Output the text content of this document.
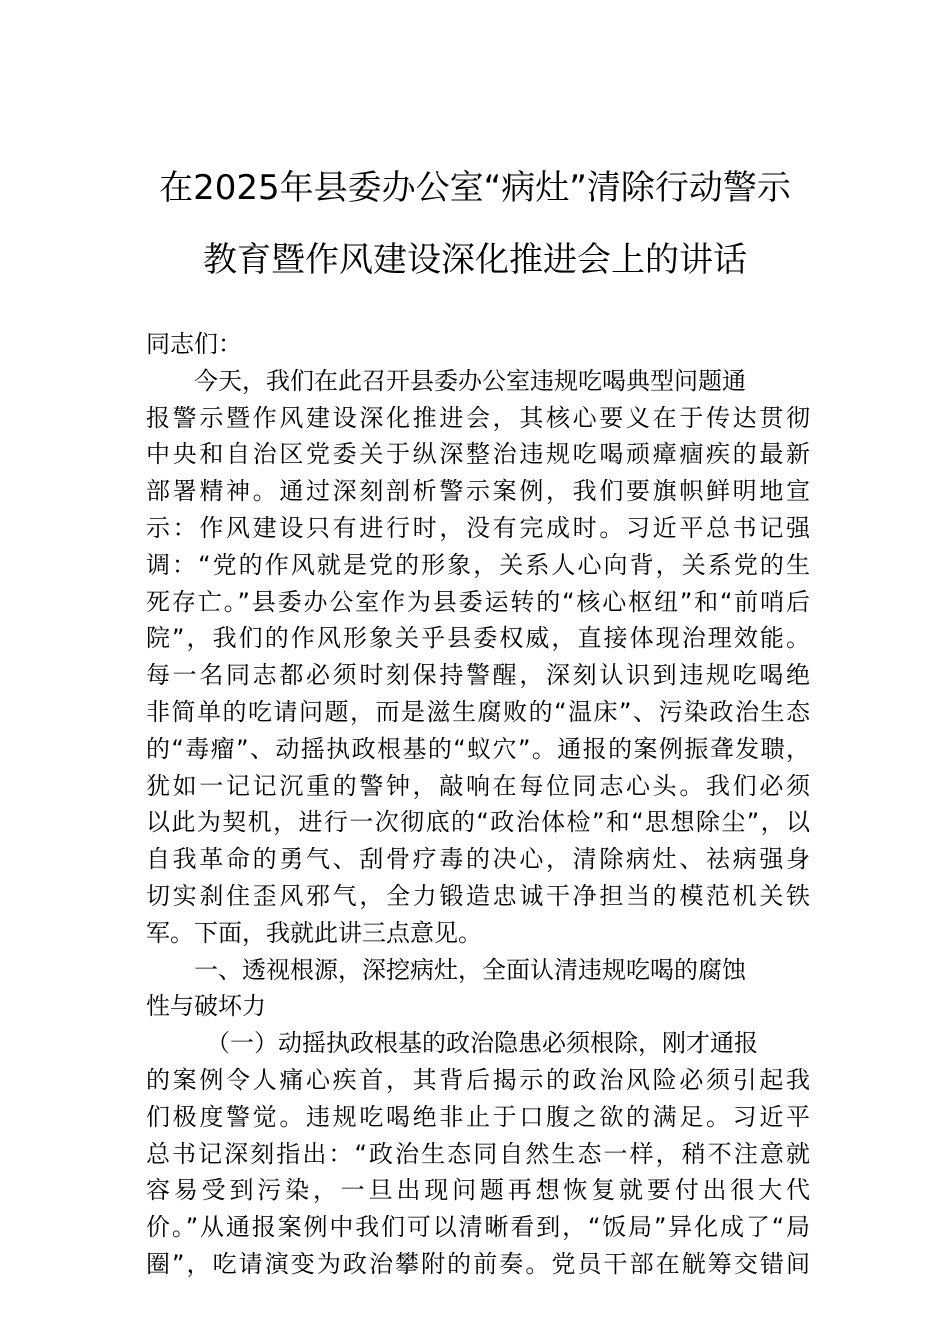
在2025年县委办公室“病灶”清除行动警示
教育暨作风建设深化推进会上的讲话
同志们：
今天，我们在此召开县委办公室违规吃喝典型问题通
报警示暨作风建设深化推进会，其核心要义在于传达贯彻
中央和自治区党委关于纵深整治违规吃喝顽瘴痼疾的最新
部署精神。通过深刻剖析警示案例，我们要旗帜鲜明地宣
示：作风建设只有进行时，没有完成时。习近平总书记强
调：“党的作风就是党的形象，关系人心向背，关系党的生
死存亡。”县委办公室作为县委运转的“核心枢纽”和“前哨后
院”，我们的作风形象关乎县委权威，直接体现治理效能。
每一名同志都必须时刻保持警醒，深刻认识到违规吃喝绝
非简单的吃请问题，而是滋生腐败的“温床”、污染政治生态
的“毒瘤”、动摇执政根基的“蚁穴”。通报的案例振聋发聩，
犹如一记记沉重的警钟，敲响在每位同志心头。我们必须
以此为契机，进行一次彻底的“政治体检”和“思想除尘”，以
自我革命的勇气、刮骨疗毒的决心，清除病灶、祛病强身
切实刹住歪风邪气，全力锻造忠诚干净担当的模范机关铁
军。下面，我就此讲三点意见。
一、透视根源，深挖病灶，全面认清违规吃喝的腐蚀
性与破坏力
（一）动摇执政根基的政治隐患必须根除，刚才通报
的案例令人痛心疾首，其背后揭示的政治风险必须引起我
们极度警觉。违规吃喝绝非止于口腹之欲的满足。习近平
总书记深刻指出：“政治生态同自然生态一样，稍不注意就
容易受到污染，一旦出现问题再想恢复就要付出很大代
价。”从通报案例中我们可以清晰看到，“饭局”异化成了“局
圈”，吃请演变为政治攀附的前奏。党员干部在觥筹交错间
